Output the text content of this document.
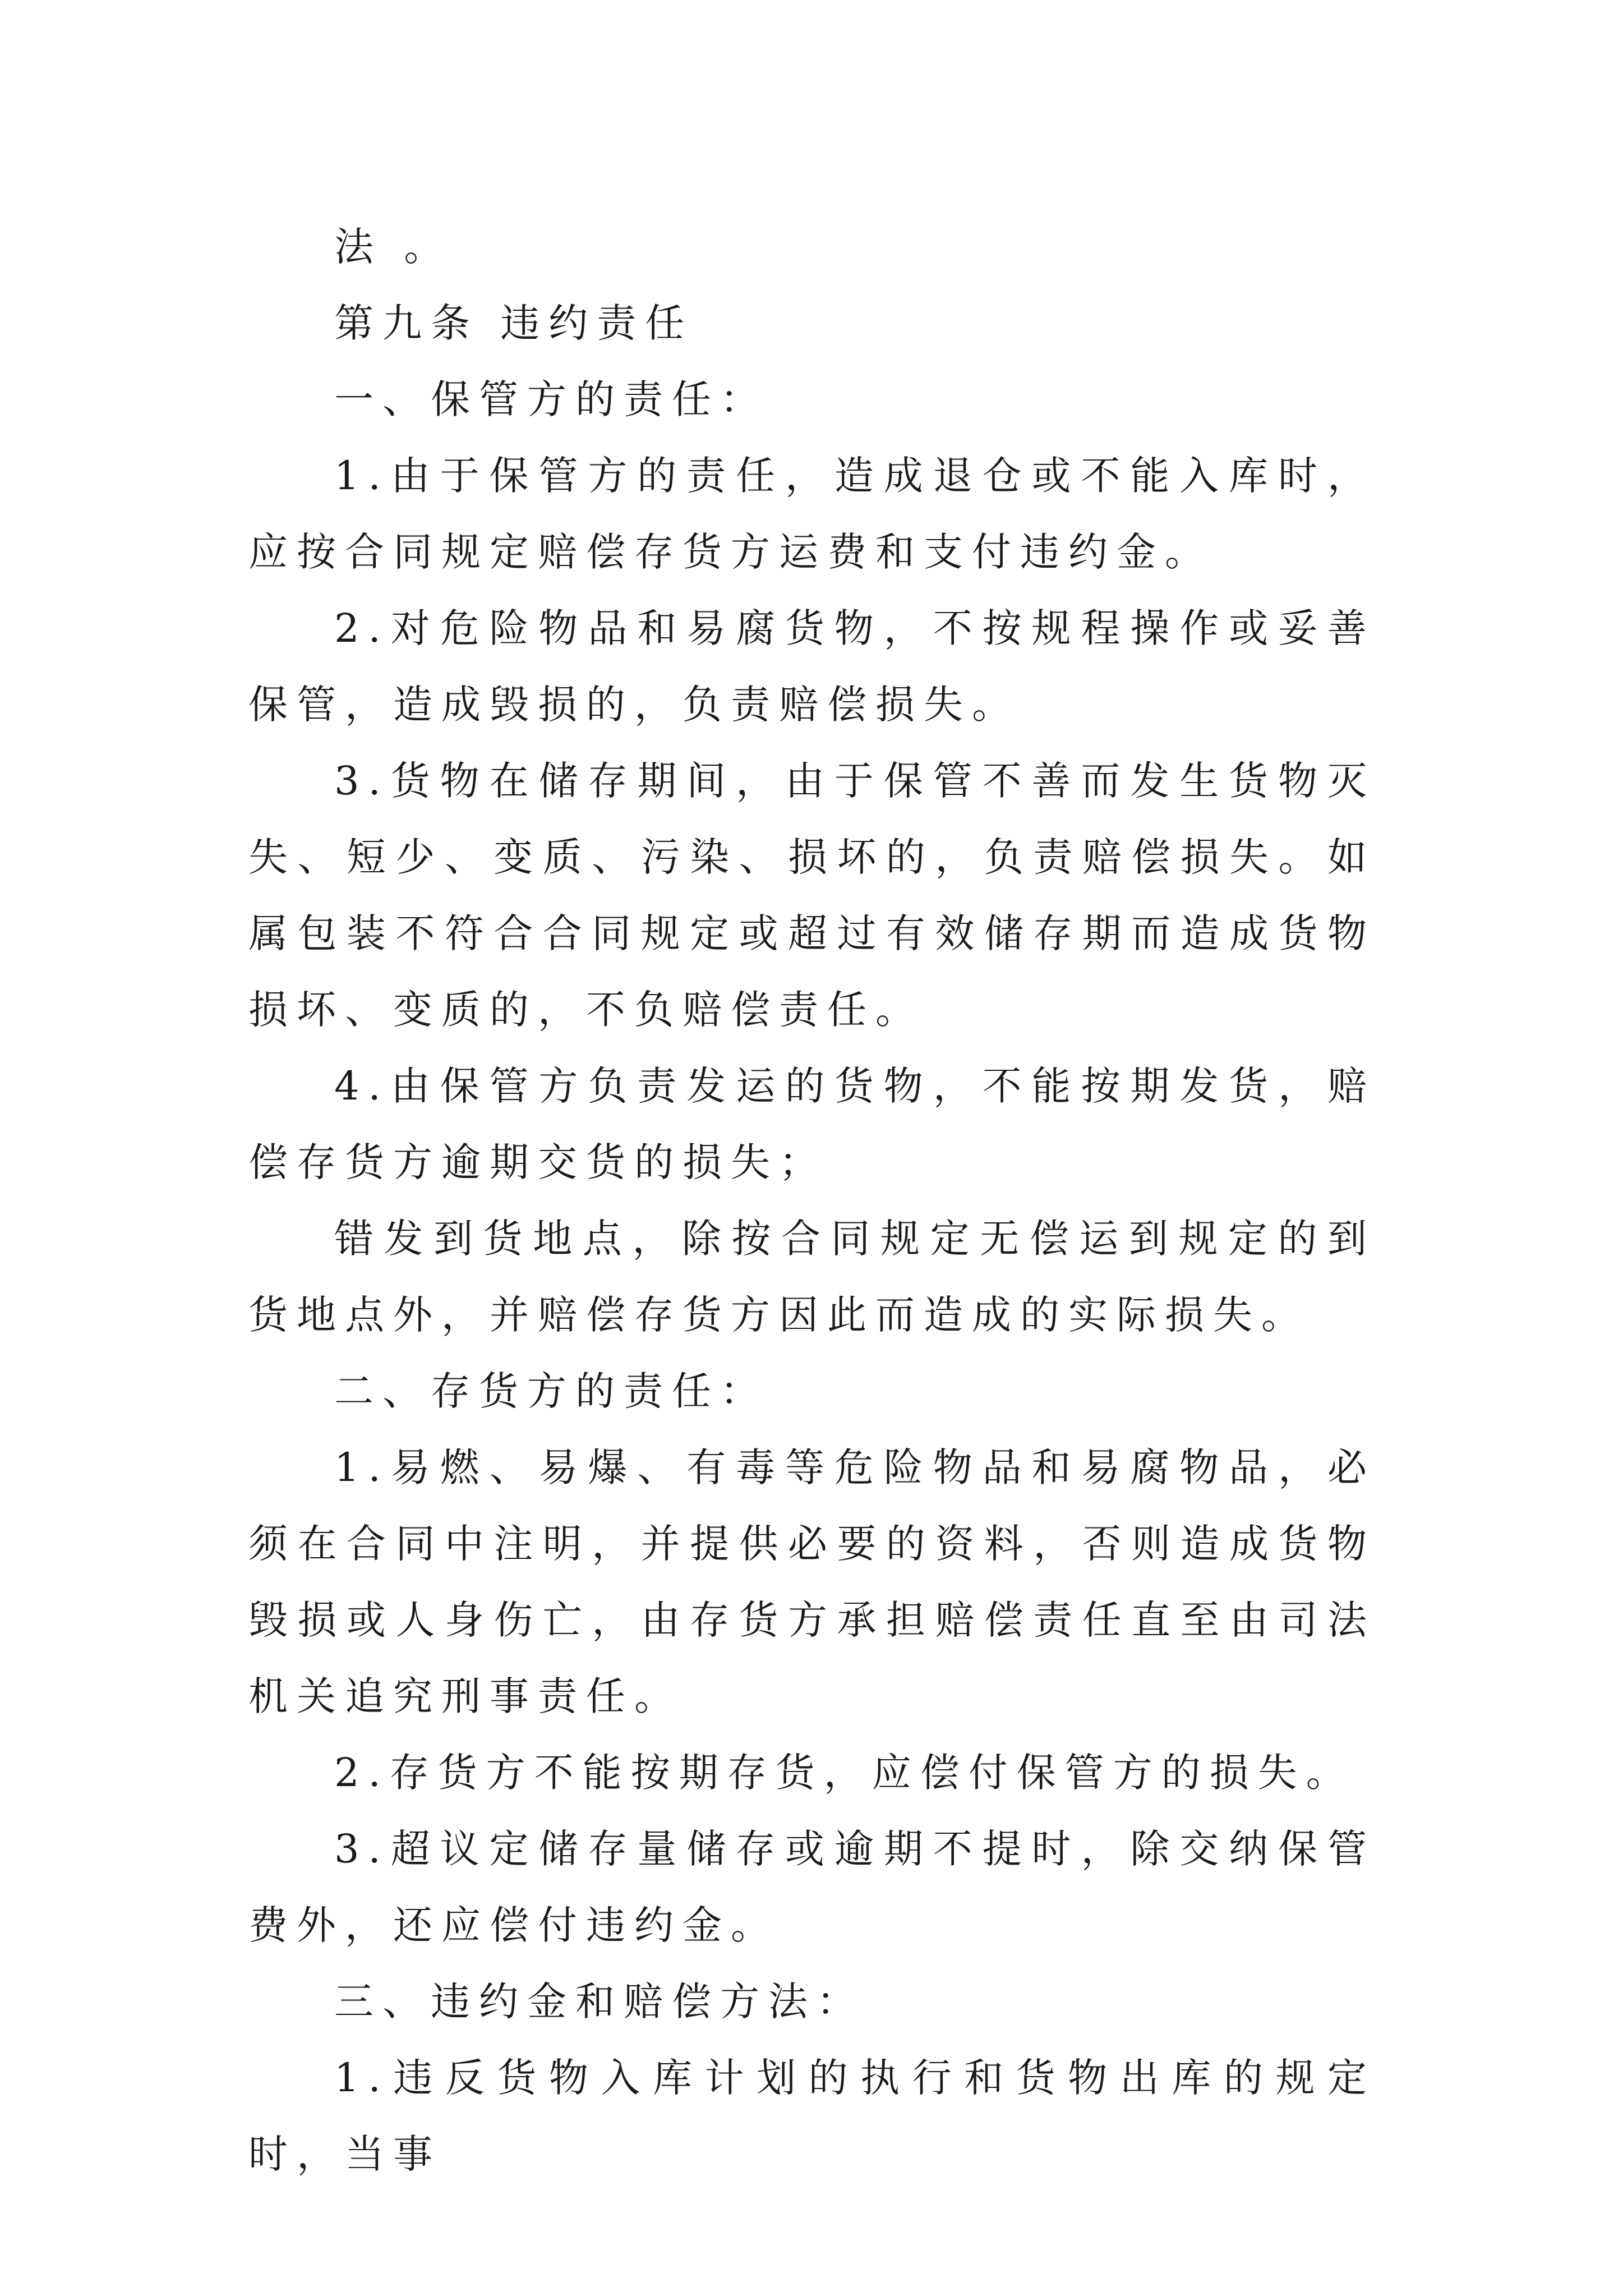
法 。

第九条 违约责任

一、保管方的责任：

1.由于保管方的责任，造成退仓或不能入库时，应按合同规定赔偿存货方运费和支付违约金。

2.对危险物品和易腐货物，不按规程操作或妥善保管，造成毁损的，负责赔偿损失。

3.货物在储存期间，由于保管不善而发生货物灭失、短少、变质、污染、损坏的，负责赔偿损失。如属包装不符合合同规定或超过有效储存期而造成货物损坏、变质的，不负赔偿责任。

4.由保管方负责发运的货物，不能按期发货，赔偿存货方逾期交货的损失；

错发到货地点，除按合同规定无偿运到规定的到货地点外，并赔偿存货方因此而造成的实际损失。

二、存货方的责任：

1.易燃、易爆、有毒等危险物品和易腐物品，必须在合同中注明，并提供必要的资料，否则造成货物毁损或人身伤亡，由存货方承担赔偿责任直至由司法机关追究刑事责任。

2.存货方不能按期存货，应偿付保管方的损失。

3.超议定储存量储存或逾期不提时，除交纳保管费外，还应偿付违约金。

三、违约金和赔偿方法：

1.违反货物入库计划的执行和货物出库的规定时，当事
